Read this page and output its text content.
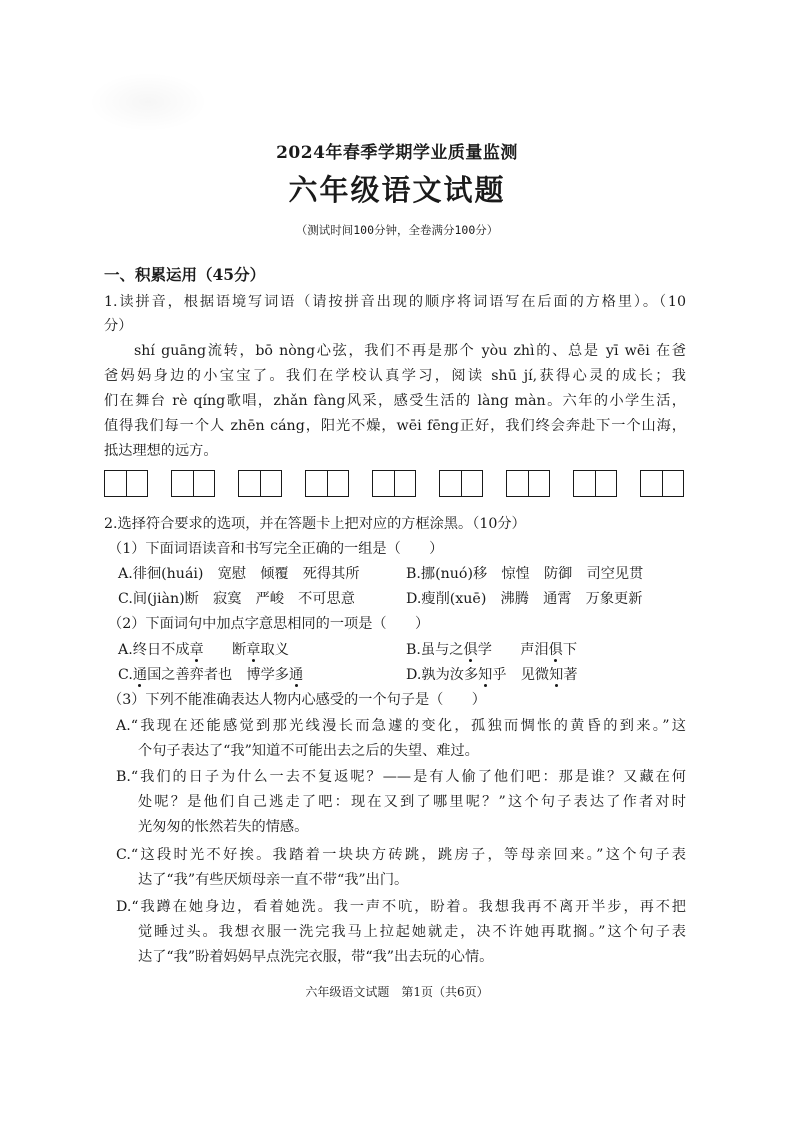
2024年春季学期学业质量监测
六年级语文试题
（测试时间100分钟，全卷满分100分）
一、积累运用（45分）
1.读拼音，根据语境写词语（请按拼音出现的顺序将词语写在后面的方格里）。（10
分）
shí guāng流转，bō nòng心弦，我们不再是那个 yòu zhì的、总是 yī wēi 在爸
爸妈妈身边的小宝宝了。我们在学校认真学习，阅读 shū jí,获得心灵的成长；我
们在舞台 rè qíng歌唱，zhǎn fàng风采，感受生活的 làng màn。六年的小学生活，
值得我们每一个人 zhēn cáng，阳光不燥，wēi fēng正好，我们终会奔赴下一个山海，
抵达理想的远方。
2.选择符合要求的选项，并在答题卡上把对应的方框涂黑。（10分）
（1）下面词语读音和书写完全正确的一组是（　　）
A.徘徊(huái)　宽慰　倾覆　死得其所	B.挪(nuó)移　惊惶　防御　司空见贯
C.间(jiàn)断　寂寞　严峻　不可思意	D.瘦削(xuē)　沸腾　通霄　万象更新
（2）下面词句中加点字意思相同的一项是（　　）
A.终日不成章　　断章取义	B.虽与之俱学　　声泪俱下
C.通国之善弈者也　博学多通	D.孰为汝多知乎　见微知著
（3）下列不能准确表达人物内心感受的一个句子是（　　）
A.“我现在还能感觉到那光线漫长而急遽的变化，孤独而惆怅的黄昏的到来。”这
个句子表达了“我”知道不可能出去之后的失望、难过。
B.“我们的日子为什么一去不复返呢？——是有人偷了他们吧：那是谁？又藏在何
处呢？是他们自己逃走了吧：现在又到了哪里呢？”这个句子表达了作者对时
光匆匆的怅然若失的情感。
C.“这段时光不好挨。我踏着一块块方砖跳，跳房子，等母亲回来。”这个句子表
达了“我”有些厌烦母亲一直不带“我”出门。
D.“我蹲在她身边，看着她洗。我一声不吭，盼着。我想我再不离开半步，再不把
觉睡过头。我想衣服一洗完我马上拉起她就走，决不许她再耽搁。”这个句子表
达了“我”盼着妈妈早点洗完衣服，带“我”出去玩的心情。
六年级语文试题　第1页（共6页）
